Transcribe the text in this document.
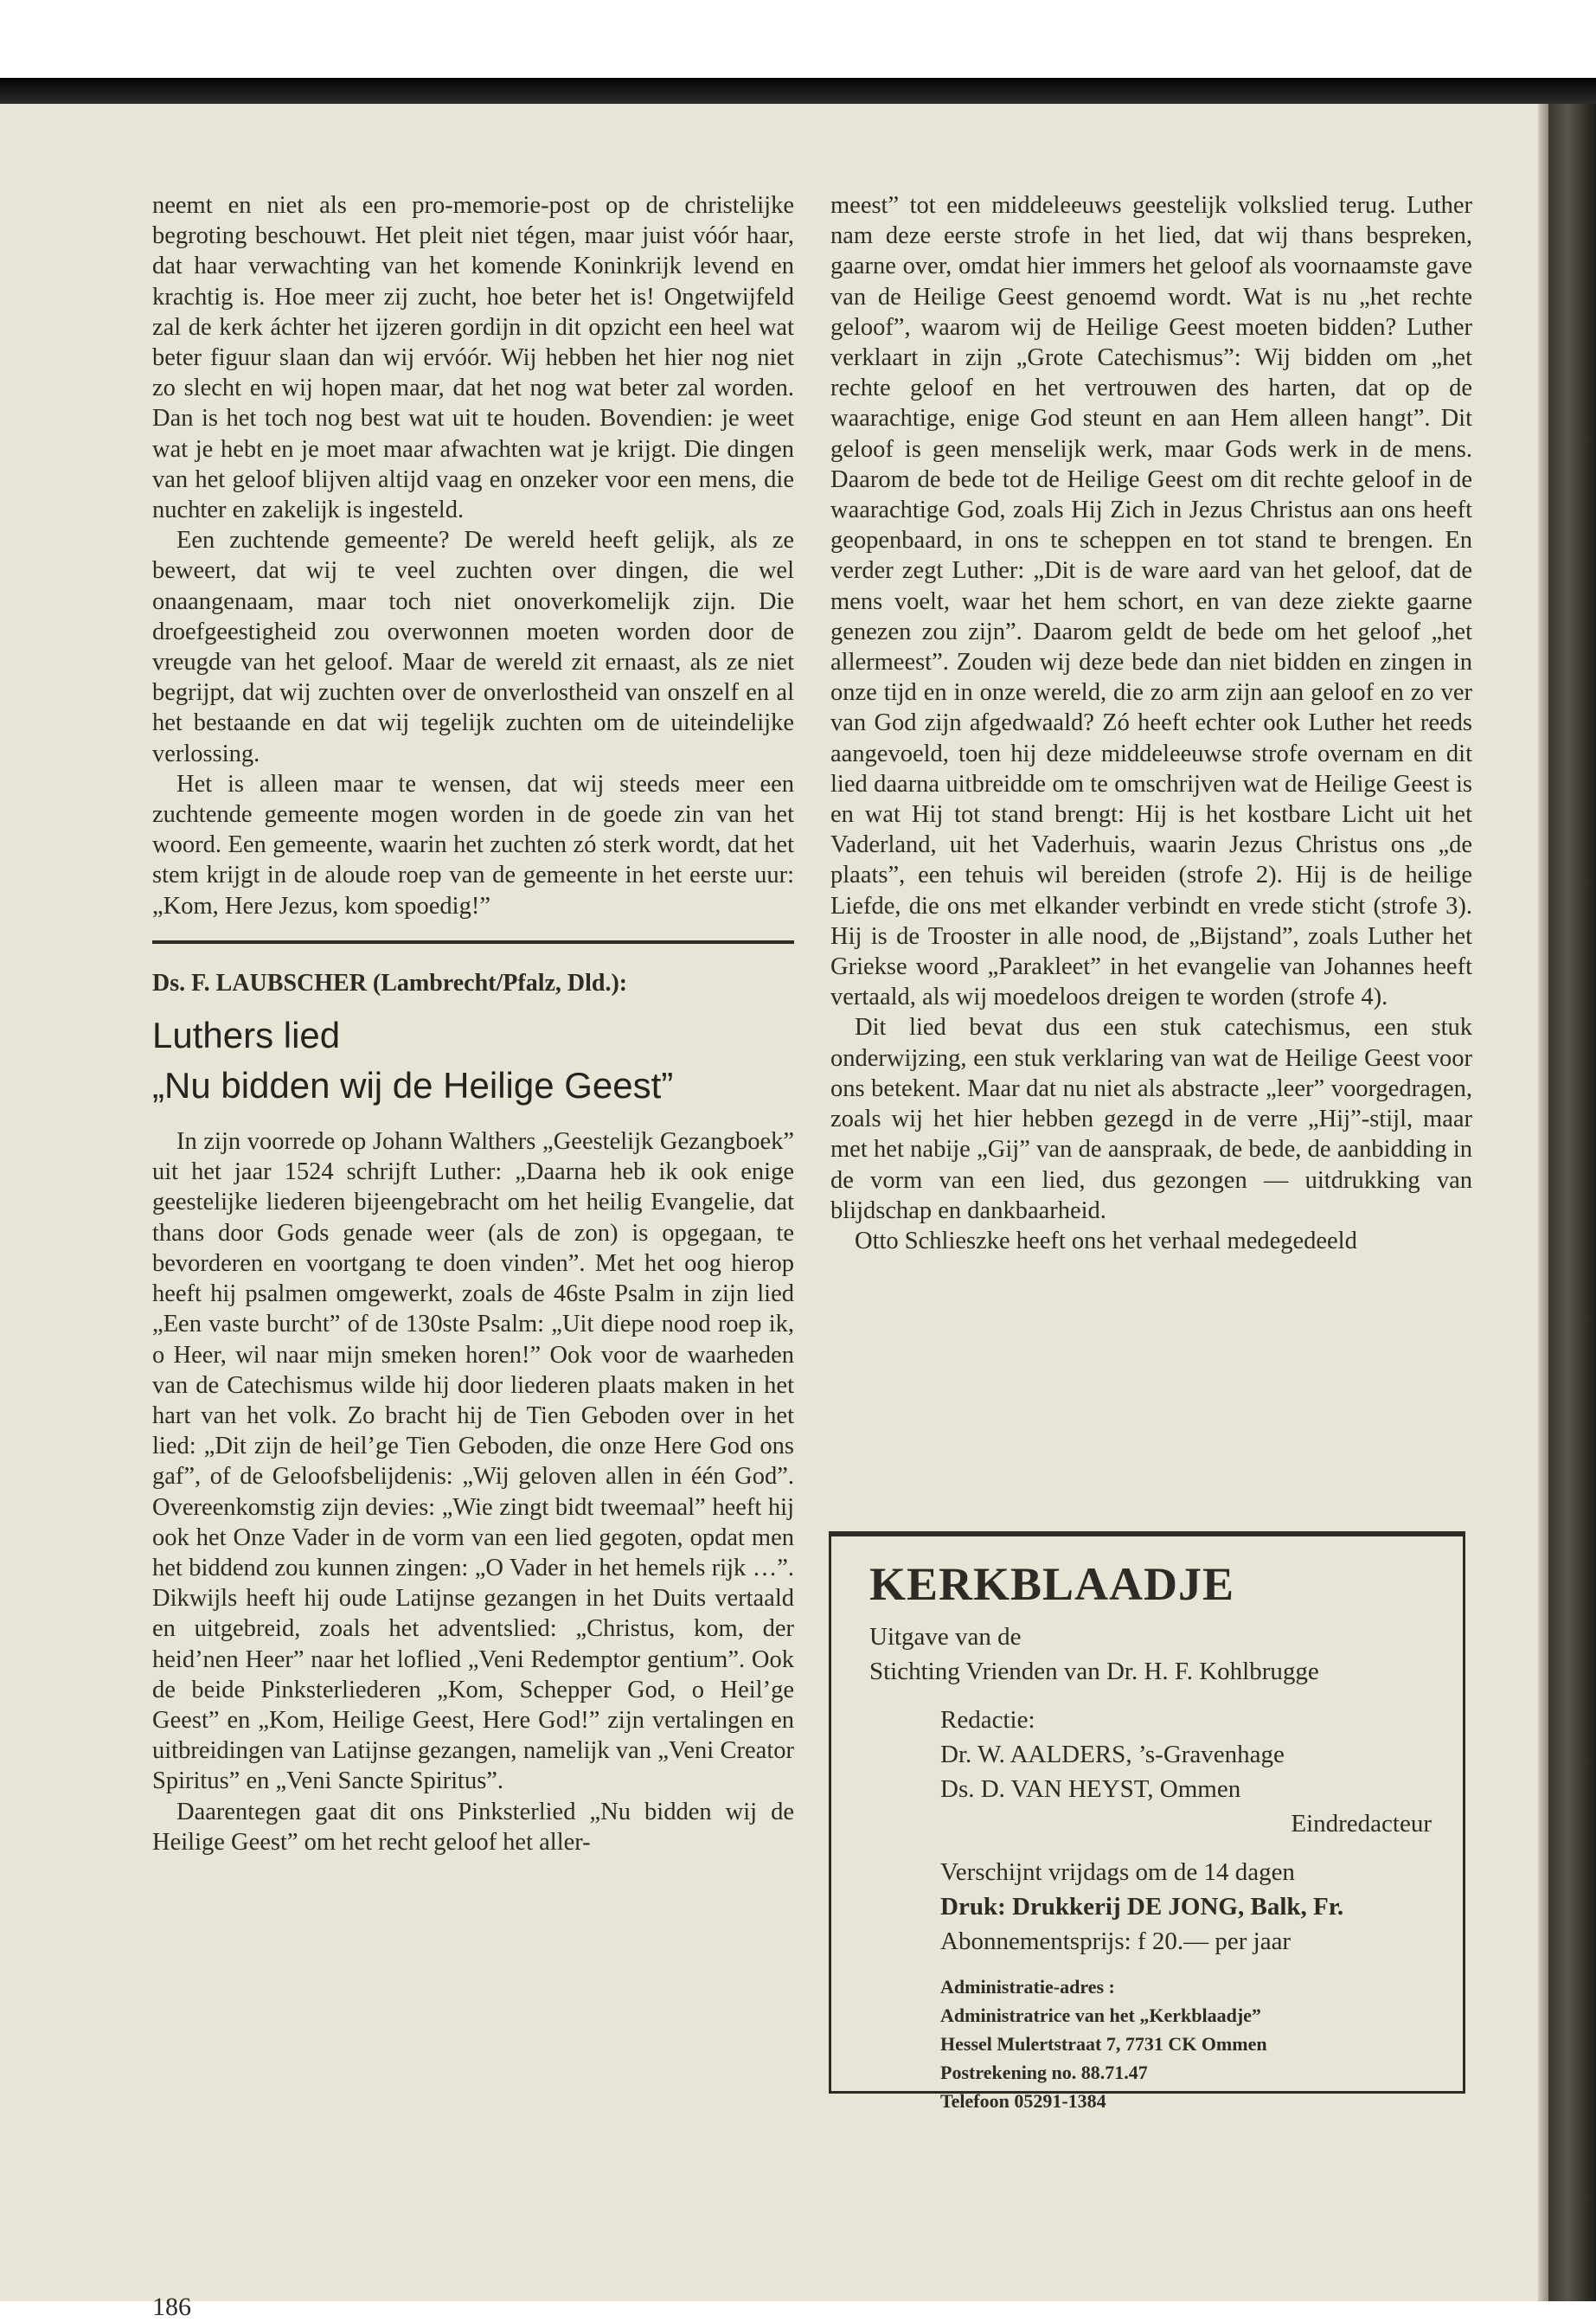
neemt en niet als een pro-memorie-post op de christelijke begroting beschouwt. Het pleit niet tégen, maar juist vóór haar, dat haar verwachting van het komende Koninkrijk levend en krachtig is. Hoe meer zij zucht, hoe beter het is! Ongetwijfeld zal de kerk áchter het ijzeren gordijn in dit opzicht een heel wat beter figuur slaan dan wij ervóór. Wij hebben het hier nog niet zo slecht en wij hopen maar, dat het nog wat beter zal worden. Dan is het toch nog best wat uit te houden. Bovendien: je weet wat je hebt en je moet maar afwachten wat je krijgt. Die dingen van het geloof blijven altijd vaag en onzeker voor een mens, die nuchter en zakelijk is ingesteld.

Een zuchtende gemeente? De wereld heeft gelijk, als ze beweert, dat wij te veel zuchten over dingen, die wel onaangenaam, maar toch niet onoverkomelijk zijn. Die droefgeestigheid zou overwonnen moeten worden door de vreugde van het geloof. Maar de wereld zit ernaast, als ze niet begrijpt, dat wij zuchten over de onverlostheid van onszelf en al het bestaande en dat wij tegelijk zuchten om de uiteindelijke verlossing.

Het is alleen maar te wensen, dat wij steeds meer een zuchtende gemeente mogen worden in de goede zin van het woord. Een gemeente, waarin het zuchten zó sterk wordt, dat het stem krijgt in de aloude roep van de gemeente in het eerste uur: „Kom, Here Jezus, kom spoedig!”

Ds. F. LAUBSCHER (Lambrecht/Pfalz, Dld.):

Luthers lied

„Nu bidden wij de Heilige Geest”

In zijn voorrede op Johann Walthers „Geestelijk Gezangboek” uit het jaar 1524 schrijft Luther: „Daarna heb ik ook enige geestelijke liederen bijeengebracht om het heilig Evangelie, dat thans door Gods genade weer (als de zon) is opgegaan, te bevorderen en voortgang te doen vinden”. Met het oog hierop heeft hij psalmen omgewerkt, zoals de 46ste Psalm in zijn lied „Een vaste burcht” of de 130ste Psalm: „Uit diepe nood roep ik, o Heer, wil naar mijn smeken horen!” Ook voor de waarheden van de Catechismus wilde hij door liederen plaats maken in het hart van het volk. Zo bracht hij de Tien Geboden over in het lied: „Dit zijn de heil’ge Tien Geboden, die onze Here God ons gaf”, of de Geloofsbelijdenis: „Wij geloven allen in één God”. Overeenkomstig zijn devies: „Wie zingt bidt tweemaal” heeft hij ook het Onze Vader in de vorm van een lied gegoten, opdat men het biddend zou kunnen zingen: „O Vader in het hemels rijk …”. Dikwijls heeft hij oude Latijnse gezangen in het Duits vertaald en uitgebreid, zoals het adventslied: „Christus, kom, der heid’nen Heer” naar het loflied „Veni Redemptor gentium”. Ook de beide Pinksterliederen „Kom, Schepper God, o Heil’ge Geest” en „Kom, Heilige Geest, Here God!” zijn vertalingen en uitbreidingen van Latijnse gezangen, namelijk van „Veni Creator Spiritus” en „Veni Sancte Spiritus”.

Daarentegen gaat dit ons Pinksterlied „Nu bidden wij de Heilige Geest” om het recht geloof het aller-

meest” tot een middeleeuws geestelijk volkslied terug. Luther nam deze eerste strofe in het lied, dat wij thans bespreken, gaarne over, omdat hier immers het geloof als voornaamste gave van de Heilige Geest genoemd wordt. Wat is nu „het rechte geloof”, waarom wij de Heilige Geest moeten bidden? Luther verklaart in zijn „Grote Catechismus”: Wij bidden om „het rechte geloof en het vertrouwen des harten, dat op de waarachtige, enige God steunt en aan Hem alleen hangt”. Dit geloof is geen menselijk werk, maar Gods werk in de mens. Daarom de bede tot de Heilige Geest om dit rechte geloof in de waarachtige God, zoals Hij Zich in Jezus Christus aan ons heeft geopenbaard, in ons te scheppen en tot stand te brengen. En verder zegt Luther: „Dit is de ware aard van het geloof, dat de mens voelt, waar het hem schort, en van deze ziekte gaarne genezen zou zijn”. Daarom geldt de bede om het geloof „het allermeest”. Zouden wij deze bede dan niet bidden en zingen in onze tijd en in onze wereld, die zo arm zijn aan geloof en zo ver van God zijn afgedwaald? Zó heeft echter ook Luther het reeds aangevoeld, toen hij deze middeleeuwse strofe overnam en dit lied daarna uitbreidde om te omschrijven wat de Heilige Geest is en wat Hij tot stand brengt: Hij is het kostbare Licht uit het Vaderland, uit het Vaderhuis, waarin Jezus Christus ons „de plaats”, een tehuis wil bereiden (strofe 2). Hij is de heilige Liefde, die ons met elkander verbindt en vrede sticht (strofe 3). Hij is de Trooster in alle nood, de „Bijstand”, zoals Luther het Griekse woord „Parakleet” in het evangelie van Johannes heeft vertaald, als wij moedeloos dreigen te worden (strofe 4).

Dit lied bevat dus een stuk catechismus, een stuk onderwijzing, een stuk verklaring van wat de Heilige Geest voor ons betekent. Maar dat nu niet als abstracte „leer” voorgedragen, zoals wij het hier hebben gezegd in de verre „Hij”-stijl, maar met het nabije „Gij” van de aanspraak, de bede, de aanbidding in de vorm van een lied, dus gezongen — uitdrukking van blijdschap en dankbaarheid.

Otto Schlieszke heeft ons het verhaal medegedeeld

KERKBLAADJE

Uitgave van de

Stichting Vrienden van Dr. H. F. Kohlbrugge

Redactie:

Dr. W. AALDERS, ’s-Gravenhage

Ds. D. VAN HEYST, Ommen

Eindredacteur

Verschijnt vrijdags om de 14 dagen

Druk: Drukkerij DE JONG, Balk, Fr.

Abonnementsprijs: f 20.— per jaar

Administratie-adres :

Administratrice van het „Kerkblaadje”

Hessel Mulertstraat 7, 7731 CK Ommen

Postrekening no. 88.71.47

Telefoon 05291-1384

186
